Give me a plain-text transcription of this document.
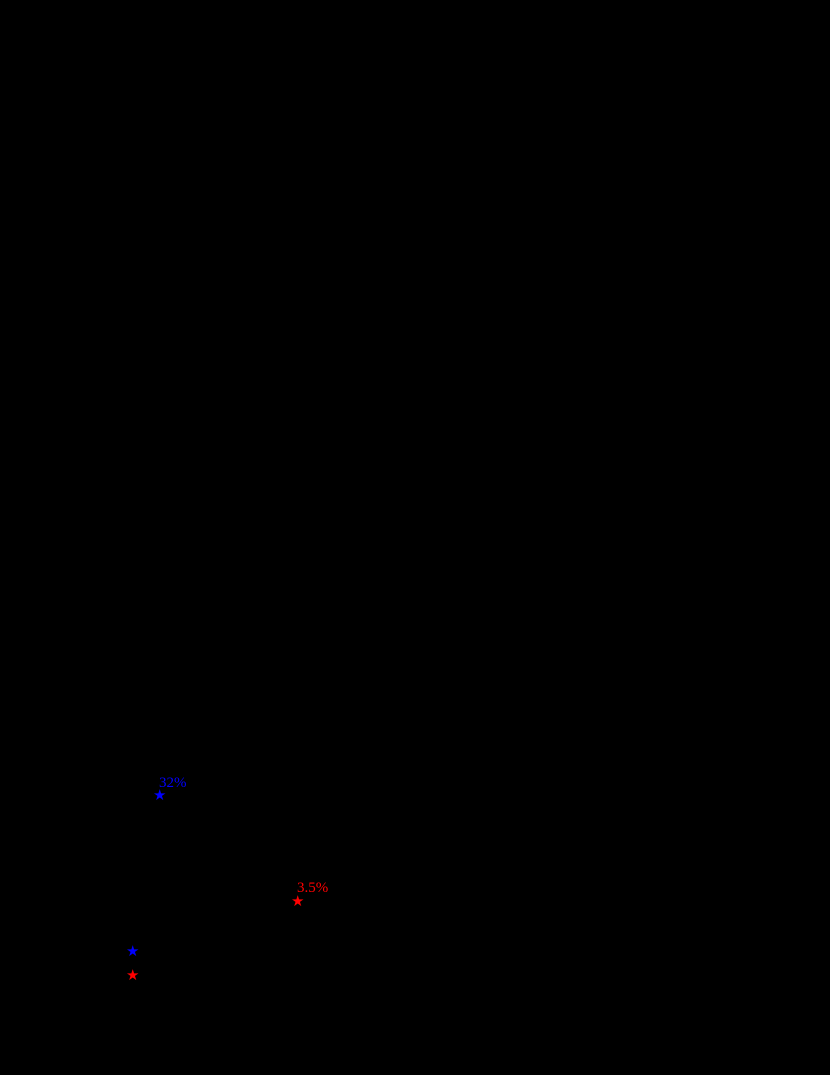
★
32%
★
3.5%
★
★
